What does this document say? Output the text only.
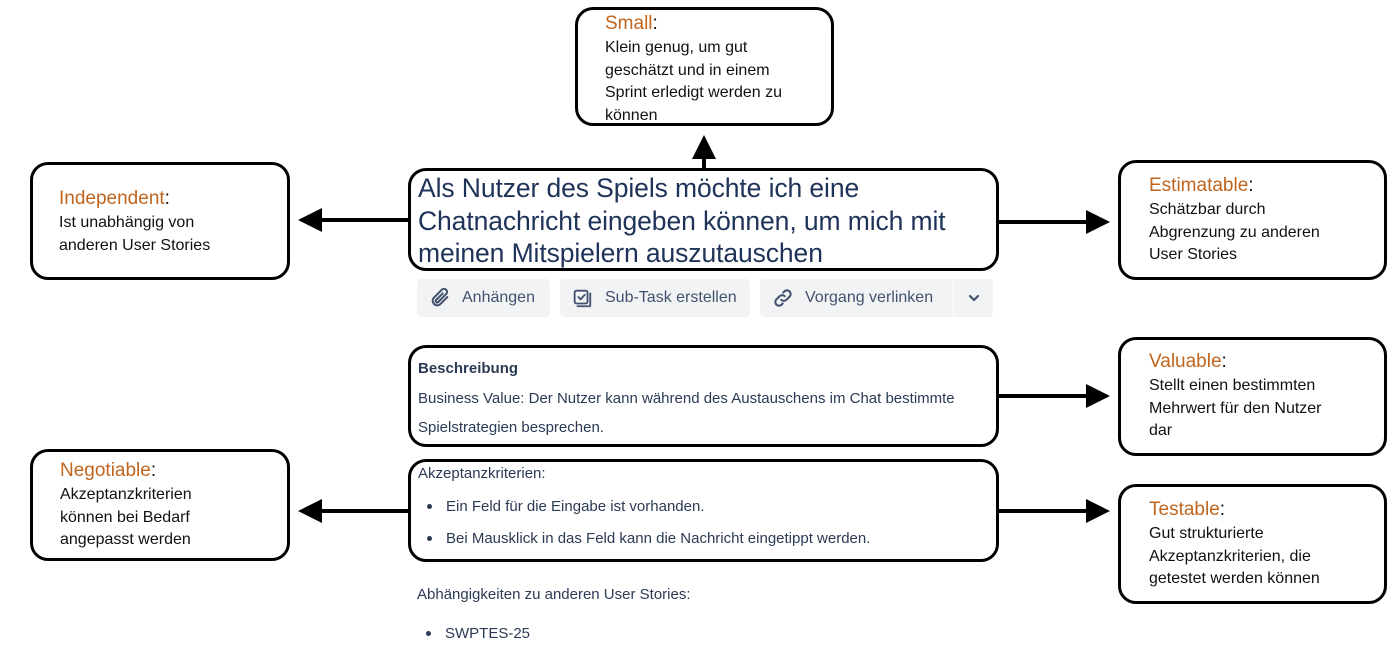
Small:
Klein genug, um gut
geschätzt und in einem
Sprint erledigt werden zu
können
Independent:
Ist unabhängig von
anderen User Stories
Estimatable:
Schätzbar durch
Abgrenzung zu anderen
User Stories
Valuable:
Stellt einen bestimmten
Mehrwert für den Nutzer
dar
Negotiable:
Akzeptanzkriterien
können bei Bedarf
angepasst werden
Testable:
Gut strukturierte
Akzeptanzkriterien, die
getestet werden können
Als Nutzer des Spiels möchte ich eine
Chatnachricht eingeben können, um mich mit
meinen Mitspielern auszutauschen
Anhängen	Sub-Task erstellen	Vorgang verlinken
Beschreibung
Business Value: Der Nutzer kann während des Austauschens im Chat bestimmte
Spielstrategien besprechen.
Akzeptanzkriterien:
Ein Feld für die Eingabe ist vorhanden.
Bei Mausklick in das Feld kann die Nachricht eingetippt werden.
Abhängigkeiten zu anderen User Stories:
SWPTES-25
